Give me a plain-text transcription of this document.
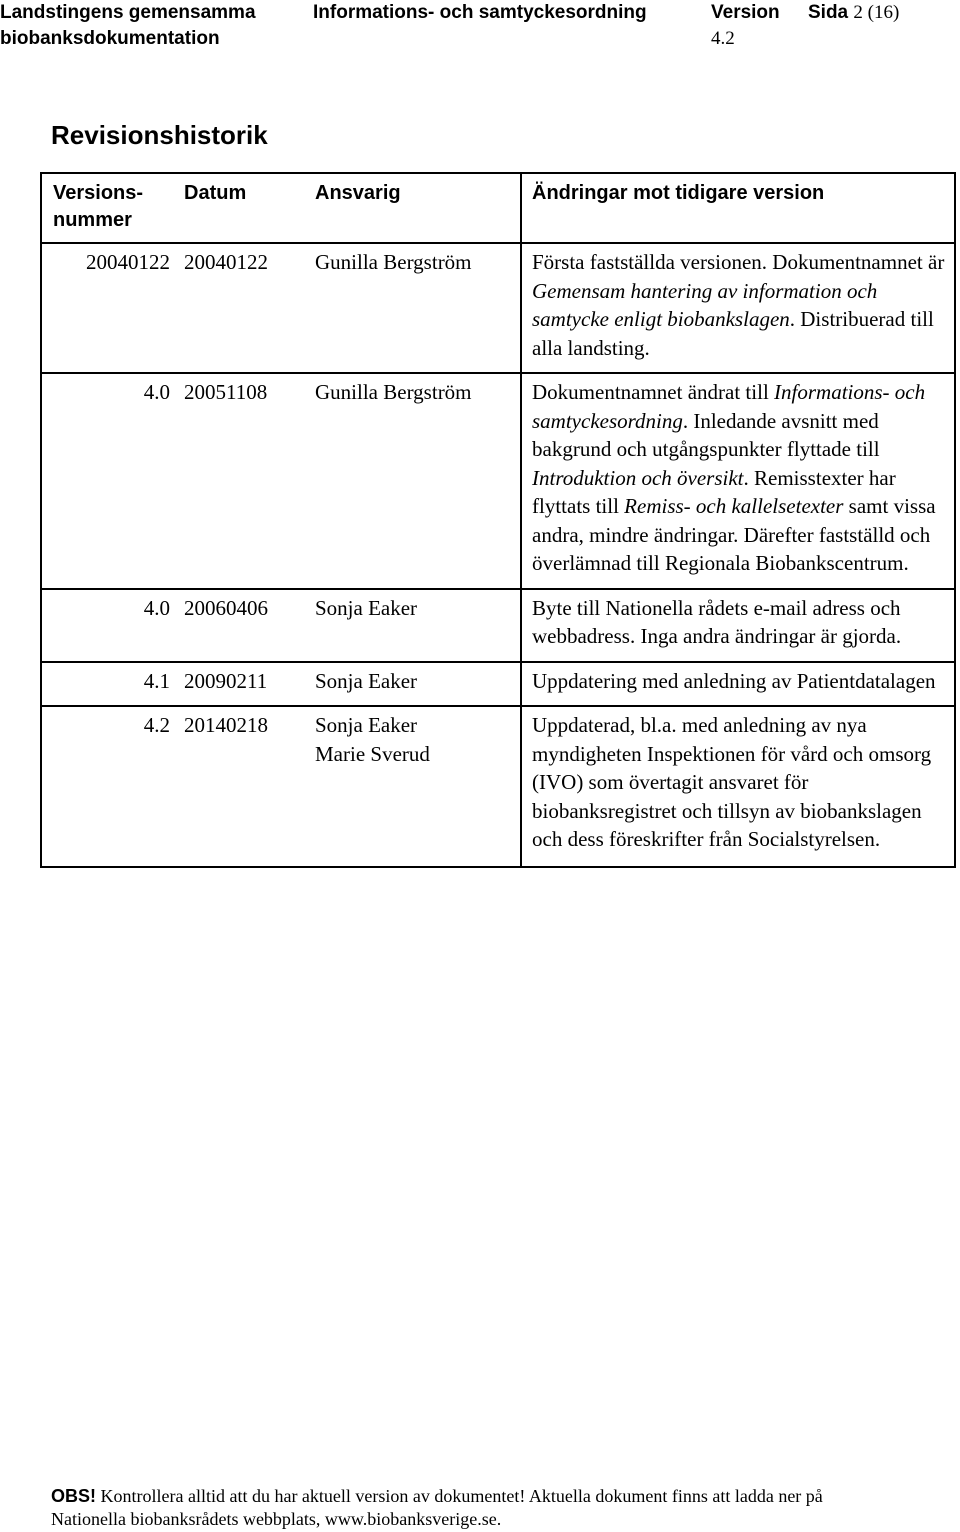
Landstingens gemensamma
biobanksdokumentation
Informations- och samtyckesordning	Version
4.2
Sida 2 (16)
Revisionshistorik
Versions-
nummer	Datum	Ansvarig	Ändringar mot tidigare version
20040122	20040122	Gunilla Bergström	Första fastställda versionen. Dokumentnamnet är Gemensam hantering av information och samtycke enligt biobankslagen. Distribuerad till alla landsting.
4.0	20051108	Gunilla Bergström	Dokumentnamnet ändrat till Informations- och samtyckesordning. Inledande avsnitt med bakgrund och utgångspunkter flyttade till Introduktion och översikt. Remisstexter har flyttats till Remiss- och kallelsetexter samt vissa andra, mindre ändringar. Därefter fastställd och överlämnad till Regionala Biobankscentrum.
4.0	20060406	Sonja Eaker	Byte till Nationella rådets e-mail adress och webbadress. Inga andra ändringar är gjorda.
4.1	20090211	Sonja Eaker	Uppdatering med anledning av Patientdatalagen
4.2	20140218	Sonja Eaker
Marie Sverud	Uppdaterad, bl.a. med anledning av nya myndigheten Inspektionen för vård och omsorg (IVO) som övertagit ansvaret för biobanksregistret och tillsyn av biobankslagen och dess föreskrifter från Socialstyrelsen.
OBS! Kontrollera alltid att du har aktuell version av dokumentet! Aktuella dokument finns att ladda ner på
Nationella biobanksrådets webbplats, www.biobanksverige.se.
